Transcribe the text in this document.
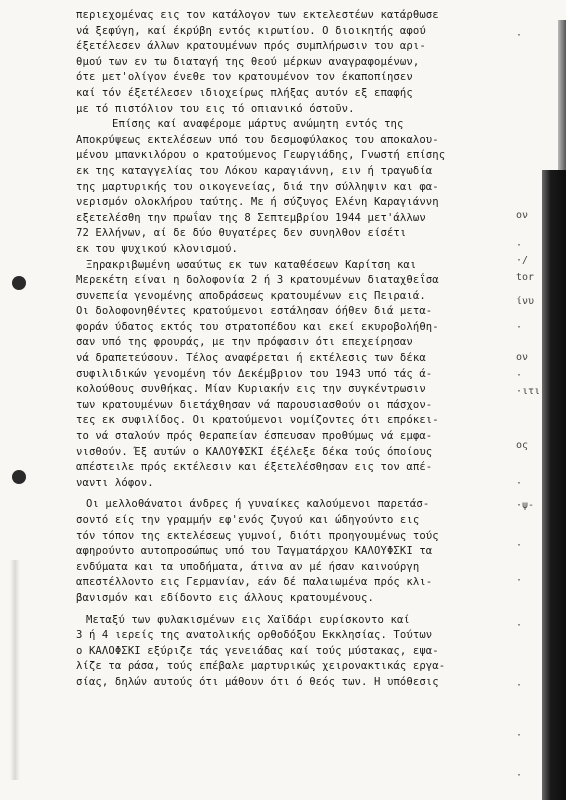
περιεχομένας εις τον κατάλογον των εκτελεστέων κατάρθωσε
νά ξεφύγη, καί έκρύβη εντός κιρωτίου. Ο διοικητής αφού
έξετέλεσεν άλλων κρατουμένων πρός συμπλήρωσιν του αρι-
θμού των εν τω διαταγή της θεού μέρκων αναγραφομένων,
ότε μετ'ολίγον ένεθε τον κρατουμένον τον έκαποπίησεν
καί τόν έξετέλεσεν ιδιοχείρως πλήξας αυτόν εξ επαφής
με τό πιστόλιον του εις τό οπιανικό όστοῦν.
Επίσης καί αναφέρομε μάρτυς ανώμητη εντός της
Αποκρύψεως εκτελέσεων υπό του δεσμοφύλακος του αποκαλου-
μένου μπανκιλόρου ο κρατούμενος Γεωργιάδης, Γνωστή επίσης
εκ της καταγγελίας του Λόκου καραγιάννη, ειν ή τραγωδία
της μαρτυρικής του οικογενείας, διά την σύλληψιν και φα-
νερισμόν ολοκλήρου ταύτης. Με ή σύζυγος Ελένη Καραγιάννη
εξετελέσθη την πρωΐαν της 8 Σεπτεμβρίου 1944 μετ'άλλων
72 Ελλήνων, αί δε δύο θυγατέρες δεν συνηλθον είσέτι
εκ του ψυχικού κλονισμού.
Ξηρακριβωμένη ωσαύτως εκ των καταθέσεων Καρίτση και
Μερεκέτη είναι η δολοφονία 2 ή 3 κρατουμένων διαταχθεΐσα
συνεπεία γενομένης αποδράσεως κρατουμένων εις Πειραιά.
Οι δολοφονηθέντες κρατούμενοι εστάλησαν όήθεν διά μετα-
φοράν ύδατος εκτός του στρατοπέδου και εκεί εκυροβολήθη-
σαν υπό της φρουράς, με την πρόφασιν ότι επεχείρησαν
νά δραπετεύσουν. Τέλος αναφέρεται ή εκτέλεσις των δέκα
συφιλιδικών γενομένη τόν Δεκέμβριον του 1943 υπό τάς ά-
κολούθους συνθήκας. Μίαν Κυριακήν εις την συγκέντρωσιν
των κρατουμένων διετάχθησαν νά παρουσιασθούν οι πάσχον-
τες εκ συφιλίδος. Οι κρατούμενοι νομίζοντες ότι επρόκει-
το νά σταλούν πρός θεραπείαν έσπευσαν προθύμως νά εμφα-
νισθούν. Έξ αυτών ο ΚΑΛΟΥΦΣΚΙ έξέλεξε δέκα τούς όποίους
απέστειλε πρός εκτέλεσιν και έξετελέσθησαν εις τον απέ-
ναντι λόφον.
Οι μελλοθάνατοι άνδρες ή γυναίκες καλούμενοι παρετάσ-
σοντό είς την γραμμήν εφ'ενός ζυγού και ώδηγούντο εις
τόν τόπον της εκτελέσεως γυμνοί, διότι προηγουμένως τούς
αφηρούντο αυτοπροσώπως υπό του Ταγματάρχου ΚΑΛΟΥΦΣΚΙ τα
ενδύματα και τα υποδήματα, άτινα αν μέ ήσαν καινούργη
απεστέλλοντο εις Γερμανίαν, εάν δέ παλαιωμένα πρός κλι-
βανισμόν και εδίδοντο εις άλλους κρατουμένους.
Μεταξύ των φυλακισμένων εις Χαϊδάρι ευρίσκοντο καί
3 ή 4 ιερείς της ανατολικής ορθοδόξου Εκκλησίας. Τούτων
ο ΚΑΛΟΦΣΚΙ εξύριζε τάς γενειάδας καί τούς μύστακας, εψα-
λίζε τα ράσα, τούς επέβαλε μαρτυρικώς χειρονακτικάς εργα-
σίας, δηλών αυτούς ότι μάθουν ότι ό θεός των. Η υπόθεσις
·
ον
·
·/
tor
ίνυ
·
ον
·
·ιτι
ος
·
·ψ-
·
·
·
·
·
·
